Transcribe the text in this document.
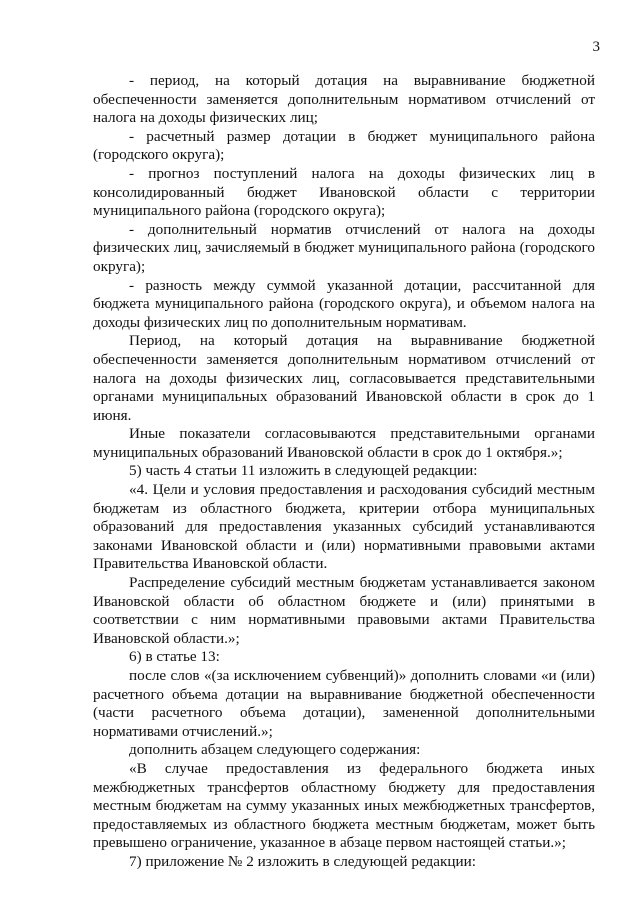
3

- период, на который дотация на выравнивание бюджетной обеспеченности заменяется дополнительным нормативом отчислений от налога на доходы физических лиц;

- расчетный размер дотации в бюджет муниципального района (городского округа);

- прогноз поступлений налога на доходы физических лиц в консолидированный бюджет Ивановской области с территории муниципального района (городского округа);

- дополнительный норматив отчислений от налога на доходы физических лиц, зачисляемый в бюджет муниципального района (городского округа);

- разность между суммой указанной дотации, рассчитанной для бюджета муниципального района (городского округа), и объемом налога на доходы физических лиц по дополнительным нормативам.

Период, на который дотация на выравнивание бюджетной обеспеченности заменяется дополнительным нормативом отчислений от налога на доходы физических лиц, согласовывается представительными органами муниципальных образований Ивановской области в срок до 1 июня.

Иные показатели согласовываются представительными органами муниципальных образований Ивановской области в срок до 1 октября.»;

5) часть 4 статьи 11 изложить в следующей редакции:

«4. Цели и условия предоставления и расходования субсидий местным бюджетам из областного бюджета, критерии отбора муниципальных образований для предоставления указанных субсидий устанавливаются законами Ивановской области и (или) нормативными правовыми актами Правительства Ивановской области.

Распределение субсидий местным бюджетам устанавливается законом Ивановской области об областном бюджете и (или) принятыми в соответствии с ним нормативными правовыми актами Правительства Ивановской области.»;

6) в статье 13:

после слов «(за исключением субвенций)» дополнить словами «и (или) расчетного объема дотации на выравнивание бюджетной обеспеченности (части расчетного объема дотации), замененной дополнительными нормативами отчислений.»;

дополнить абзацем следующего содержания:

«В случае предоставления из федерального бюджета иных межбюджетных трансфертов областному бюджету для предоставления местным бюджетам на сумму указанных иных межбюджетных трансфертов, предоставляемых из областного бюджета местным бюджетам, может быть превышено ограничение, указанное в абзаце первом настоящей статьи.»;

7) приложение № 2 изложить в следующей редакции:
